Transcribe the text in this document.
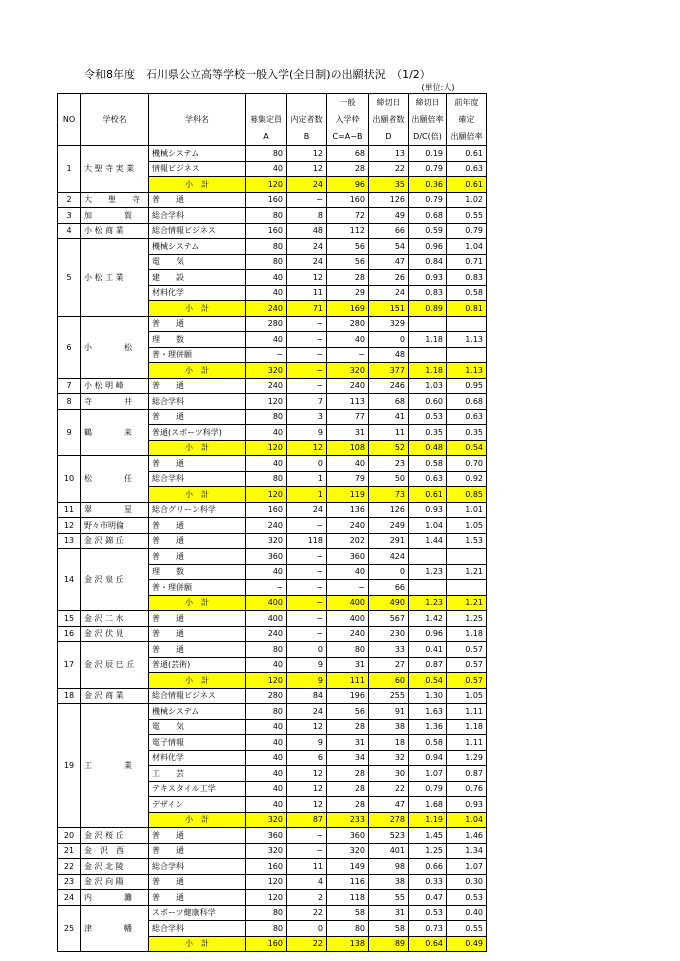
令和8年度　石川県公立高等学校一般入学(全日制)の出願状況　（1/2）
(単位:人)
					一般	締切日	締切日	前年度
NO	学校名	学科名	募集定員	内定者数	入学枠	出願者数	出願倍率	確定
			A	B	C=A−B	D	D/C(倍)	出願倍率
1	大 聖 寺 実 業	機械システム	80	12	68	13	0.19	0.61
		情報ビジネス	40	12	28	22	0.79	0.63
		小　計	120	24	96	35	0.36	0.61
2	大　　聖　　寺	普　　通	160	−	160	126	0.79	1.02
3	加　　　　賀	総合学科	80	8	72	49	0.68	0.55
4	小 松 商 業	総合情報ビジネス	160	48	112	66	0.59	0.79
5	小 松 工 業	機械システム	80	24	56	54	0.96	1.04
		電　　気	80	24	56	47	0.84	0.71
		建　　設	40	12	28	26	0.93	0.83
		材料化学	40	11	29	24	0.83	0.58
		小　計	240	71	169	151	0.89	0.81
6	小　　　　松	普　　通	280	−	280	329		
		理　　数	40	−	40	0	1.18	1.13
		普・理併願	−	−	−	48		
		小　計	320	−	320	377	1.18	1.13
7	小 松 明 峰	普　　通	240	−	240	246	1.03	0.95
8	寺　　　　井	総合学科	120	7	113	68	0.60	0.68
9	鶴　　　　来	普　　通	80	3	77	41	0.53	0.63
		普通(スポーツ科学)	40	9	31	11	0.35	0.35
		小　計	120	12	108	52	0.48	0.54
10	松　　　　任	普　　通	40	0	40	23	0.58	0.70
		総合学科	80	1	79	50	0.63	0.92
		小　計	120	1	119	73	0.61	0.85
11	翠　　　　星	総合グリーン科学	160	24	136	126	0.93	1.01
12	野々市明倫	普　　通	240	−	240	249	1.04	1.05
13	金 沢 錦 丘	普　　通	320	118	202	291	1.44	1.53
14	金 沢 泉 丘	普　　通	360	−	360	424		
		理　　数	40	−	40	0	1.23	1.21
		普・理併願	−	−	−	66		
		小　計	400	−	400	490	1.23	1.21
15	金 沢 二 水	普　　通	400	−	400	567	1.42	1.25
16	金 沢 伏 見	普　　通	240	−	240	230	0.96	1.18
17	金 沢 辰 巳 丘	普　　通	80	0	80	33	0.41	0.57
		普通(芸術)	40	9	31	27	0.87	0.57
		小　計	120	9	111	60	0.54	0.57
18	金 沢 商 業	総合情報ビジネス	280	84	196	255	1.30	1.05
19	工　　　　業	機械システム	80	24	56	91	1.63	1.11
		電　　気	40	12	28	38	1.36	1.18
		電子情報	40	9	31	18	0.58	1.11
		材料化学	40	6	34	32	0.94	1.29
		工　　芸	40	12	28	30	1.07	0.87
		テキスタイル工学	40	12	28	22	0.79	0.76
		デザイン	40	12	28	47	1.68	0.93
		小　計	320	87	233	278	1.19	1.04
20	金 沢 桜 丘	普　　通	360	−	360	523	1.45	1.46
21	金　沢　西	普　　通	320	−	320	401	1.25	1.34
22	金 沢 北 陵	総合学科	160	11	149	98	0.66	1.07
23	金 沢 向 陽	普　　通	120	4	116	38	0.33	0.30
24	内　　　　灘	普　　通	120	2	118	55	0.47	0.53
25	津　　　　幡	スポーツ健康科学	80	22	58	31	0.53	0.40
		総合学科	80	0	80	58	0.73	0.55
		小　計	160	22	138	89	0.64	0.49
